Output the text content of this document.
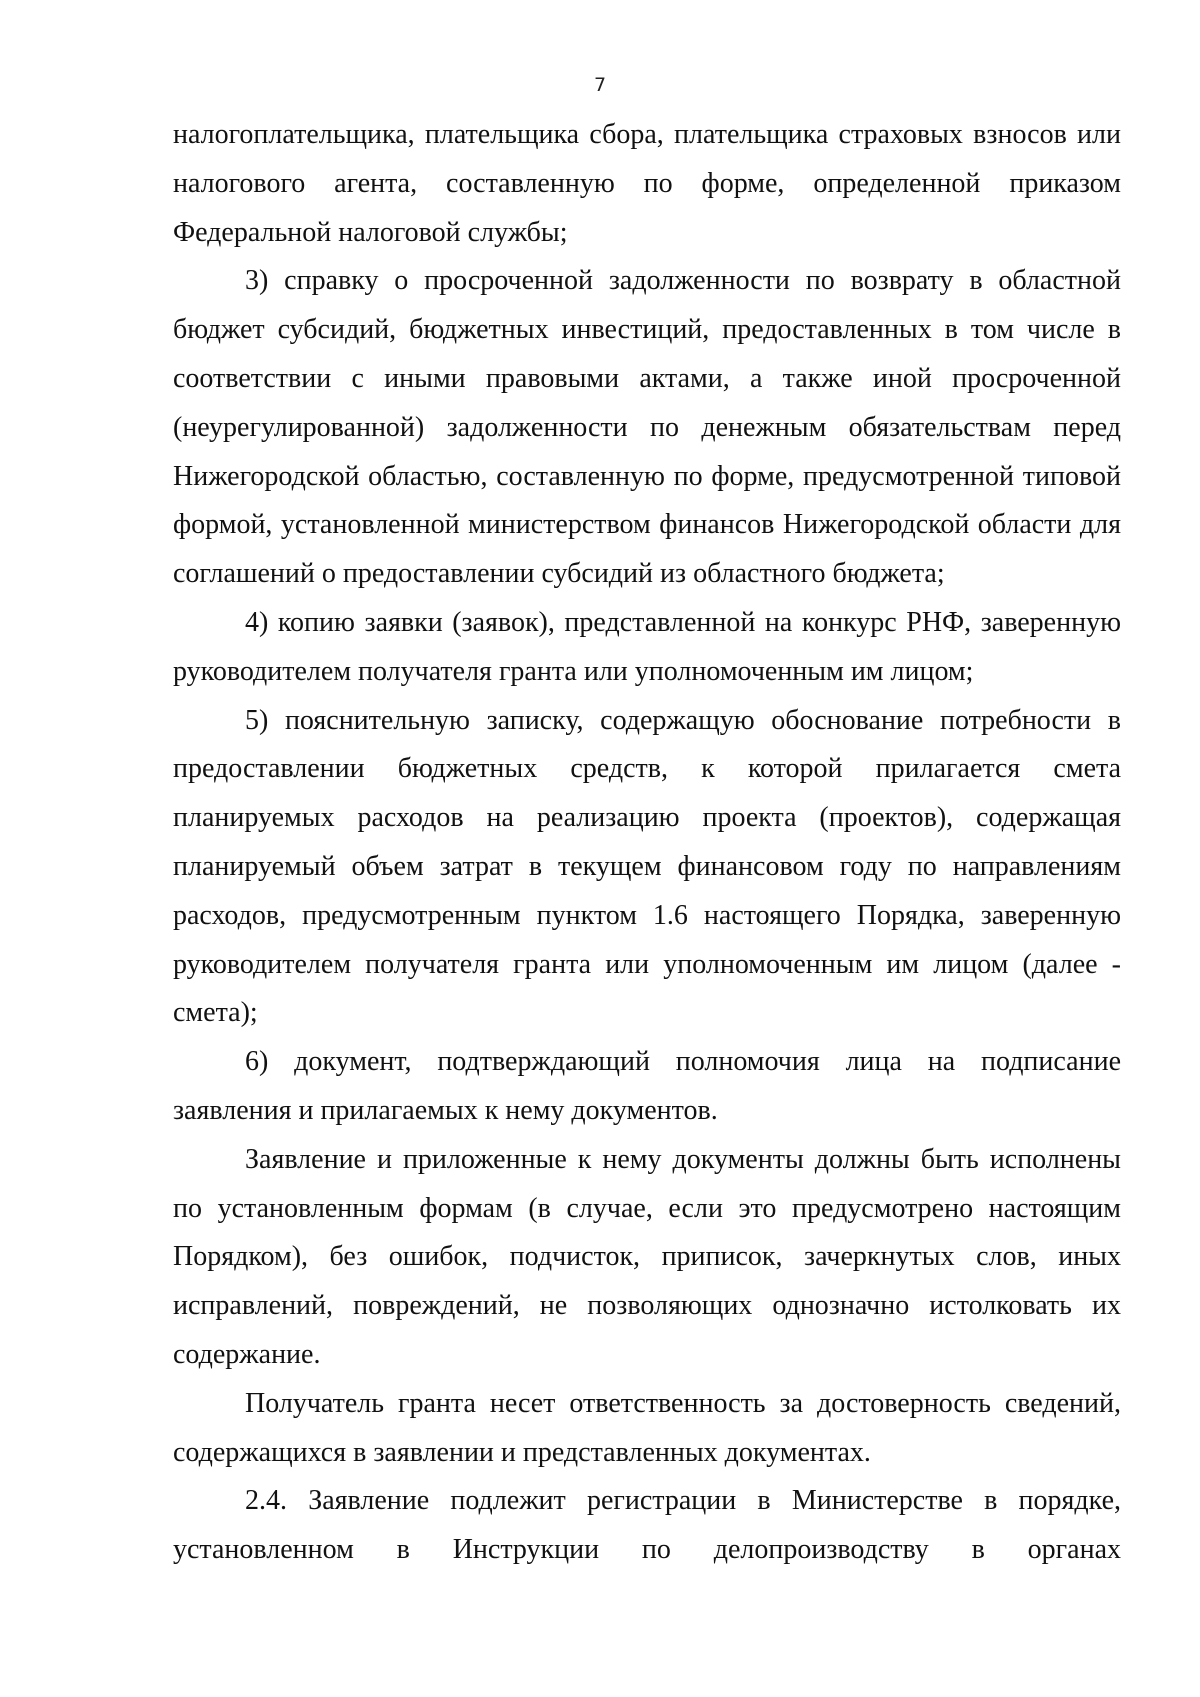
7

налогоплательщика, плательщика сбора, плательщика страховых взносов или налогового агента, составленную по форме, определенной приказом Федеральной налоговой службы;

3) справку о просроченной задолженности по возврату в областной бюджет субсидий, бюджетных инвестиций, предоставленных в том числе в соответствии с иными правовыми актами, а также иной просроченной (неурегулированной) задолженности по денежным обязательствам перед Нижегородской областью, составленную по форме, предусмотренной типовой формой, установленной министерством финансов Нижегородской области для соглашений о предоставлении субсидий из областного бюджета;

4) копию заявки (заявок), представленной на конкурс РНФ, заверенную руководителем получателя гранта или уполномоченным им лицом;

5) пояснительную записку, содержащую обоснование потребности в предоставлении бюджетных средств, к которой прилагается смета планируемых расходов на реализацию проекта (проектов), содержащая планируемый объем затрат в текущем финансовом году по направлениям расходов, предусмотренным пунктом 1.6 настоящего Порядка, заверенную руководителем получателя гранта или уполномоченным им лицом (далее - смета);

6) документ, подтверждающий полномочия лица на подписание заявления и прилагаемых к нему документов.

Заявление и приложенные к нему документы должны быть исполнены по установленным формам (в случае, если это предусмотрено настоящим Порядком), без ошибок, подчисток, приписок, зачеркнутых слов, иных исправлений, повреждений, не позволяющих однозначно истолковать их содержание.

Получатель гранта несет ответственность за достоверность сведений, содержащихся в заявлении и представленных документах.

2.4. Заявление подлежит регистрации в Министерстве в порядке, установленном в Инструкции по делопроизводству в органах
